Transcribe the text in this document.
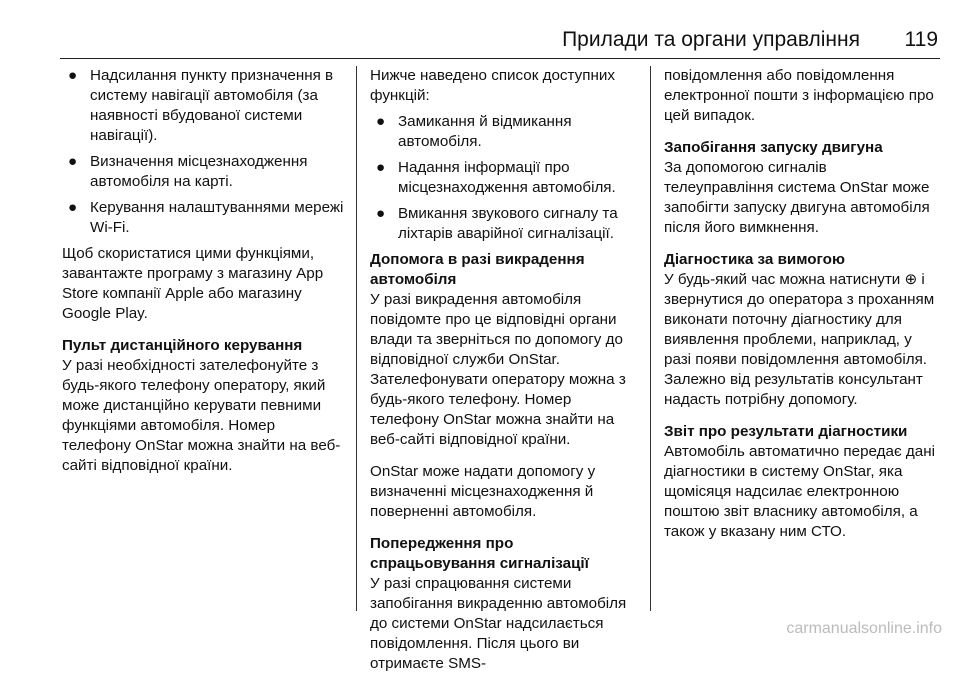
Прилади та органи управління 119
● Надсилання пункту призначення в систему навігації автомобіля (за наявності вбудованої системи навігації).
● Визначення місцезнаходження автомобіля на карті.
● Керування налаштуваннями мережі Wi-Fi.

Щоб скористатися цими функціями, завантажте програму з магазину App Store компанії Apple або магазину Google Play.

Пульт дистанційного керування
У разі необхідності зателефонуйте з будь-якого телефону оператору, який може дистанційно керувати певними функціями автомобіля. Номер телефону OnStar можна знайти на веб-сайті відповідної країни.

Нижче наведено список доступних функцій:

● Замикання й відмикання автомобіля.
● Надання інформації про місцезнаходження автомобіля.
● Вмикання звукового сигналу та ліхтарів аварійної сигналізації.

Допомога в разі викрадення автомобіля
У разі викрадення автомобіля повідомте про це відповідні органи влади та зверніться по допомогу до відповідної служби OnStar. Зателефонувати оператору можна з будь-якого телефону. Номер телефону OnStar можна знайти на веб-сайті відповідної країни.

OnStar може надати допомогу у визначенні місцезнаходження й поверненні автомобіля.

Попередження про спрацьовування сигналізації
У разі спрацювання системи запобігання викраденню автомобіля до системи OnStar надсилається повідомлення. Після цього ви отримаєте SMS-

повідомлення або повідомлення електронної пошти з інформацією про цей випадок.

Запобігання запуску двигуна
За допомогою сигналів телеуправління система OnStar може запобігти запуску двигуна автомобіля після його вимкнення.

Діагностика за вимогою
У будь-який час можна натиснути ⊕ і звернутися до оператора з проханням виконати поточну діагностику для виявлення проблеми, наприклад, у разі появи повідомлення автомобіля. Залежно від результатів консультант надасть потрібну допомогу.

Звіт про результати діагностики
Автомобіль автоматично передає дані діагностики в систему OnStar, яка щомісяця надсилає електронною поштою звіт власнику автомобіля, а також у вказану ним СТО.

carmanualsonline.info
